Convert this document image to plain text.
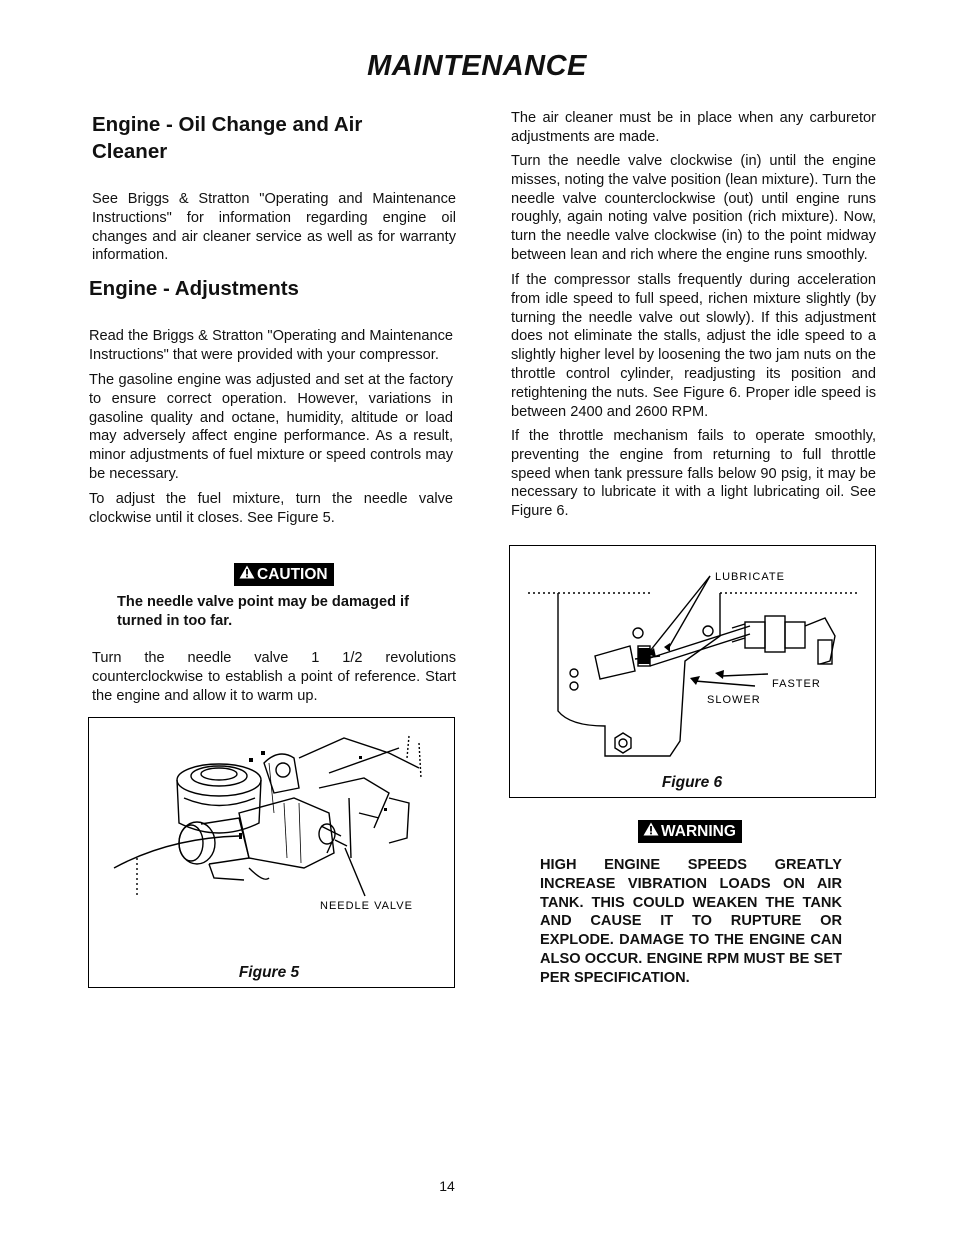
MAINTENANCE
Engine - Oil Change and Air Cleaner

See Briggs & Stratton "Operating and Maintenance Instructions" for information regarding engine oil changes and air cleaner service as well as for warranty information.

Engine - Adjustments

Read the Briggs & Stratton "Operating and Maintenance Instructions" that were provided with your compressor.

The gasoline engine was adjusted and set at the factory to ensure correct operation. However, variations in gasoline quality and octane, humidity, altitude or load may adversely affect engine performance. As a result, minor adjustments of fuel mixture or speed controls may be necessary.

To adjust the fuel mixture, turn the needle valve clockwise until it closes. See Figure 5.

CAUTION

The needle valve point may be damaged if turned in too far.

Turn the needle valve 1 1/2 revolutions counterclockwise to establish a point of reference. Start the engine and allow it to warm up.

NEEDLE VALVE
Figure 5

The air cleaner must be in place when any carburetor adjustments are made.

Turn the needle valve clockwise (in) until the engine misses, noting the valve position (lean mixture). Turn the needle valve counterclockwise (out) until engine runs roughly, again noting valve position (rich mixture). Now, turn the needle valve clockwise (in) to the point midway between lean and rich where the engine runs smoothly.

If the compressor stalls frequently during acceleration from idle speed to full speed, richen mixture slightly (by turning the needle valve out slowly). If this adjustment does not eliminate the stalls, adjust the idle speed to a slightly higher level by loosening the two jam nuts on the throttle control cylinder, readjusting its position and retightening the nuts. See Figure 6. Proper idle speed is between 2400 and 2600 RPM.

If the throttle mechanism fails to operate smoothly, preventing the engine from returning to full throttle speed when tank pressure falls below 90 psig, it may be necessary to lubricate it with a light lubricating oil. See Figure 6.

LUBRICATE
FASTER
SLOWER
Figure 6
WARNING
HIGH ENGINE SPEEDS GREATLY INCREASE VIBRATION LOADS ON AIR TANK. THIS COULD WEAKEN THE TANK AND CAUSE IT TO RUPTURE OR EXPLODE. DAMAGE TO THE ENGINE CAN ALSO OCCUR. ENGINE RPM MUST BE SET PER SPECIFICATION.
14
